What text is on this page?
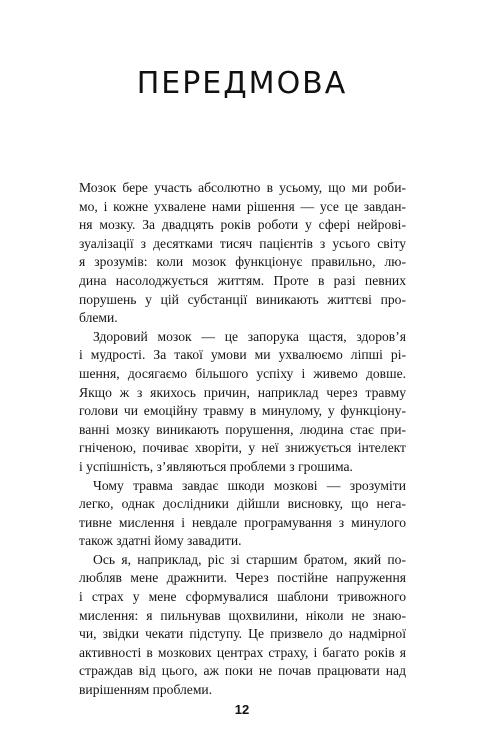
ПЕРЕДМОВА

Мозок бере участь абсолютно в усьому, що ми роби-
мо, і кожне ухвалене нами рішення — усе це завдан-
ня мозку. За двадцять років роботи у сфері нейрові-
зуалізації з десятками тисяч пацієнтів з усього світу
я зрозумів: коли мозок функціонує правильно, лю-
дина насолоджується життям. Проте в разі певних
порушень у цій субстанції виникають життєві про-
блеми.

Здоровий мозок — це запорука щастя, здоров’я
і мудрості. За такої умови ми ухвалюємо ліпші рі-
шення, досягаємо більшого успіху і живемо довше.
Якщо ж з якихось причин, наприклад через травму
голови чи емоційну травму в минулому, у функціону-
ванні мозку виникають порушення, людина стає при-
гніченою, почиває хворіти, у неї знижується інтелект
і успішність, з’являються проблеми з грошима.

Чому травма завдає шкоди мозкові — зрозуміти
легко, однак дослідники дійшли висновку, що нега-
тивне мислення і невдале програмування з минулого
також здатні йому завадити.

Ось я, наприклад, ріс зі старшим братом, який по-
любляв мене дражнити. Через постійне напруження
і страх у мене сформувалися шаблони тривожного
мислення: я пильнував щохвилини, ніколи не знаю-
чи, звідки чекати підступу. Це призвело до надмірної
активності в мозкових центрах страху, і багато років я
страждав від цього, аж поки не почав працювати над
вирішенням проблеми.

12
